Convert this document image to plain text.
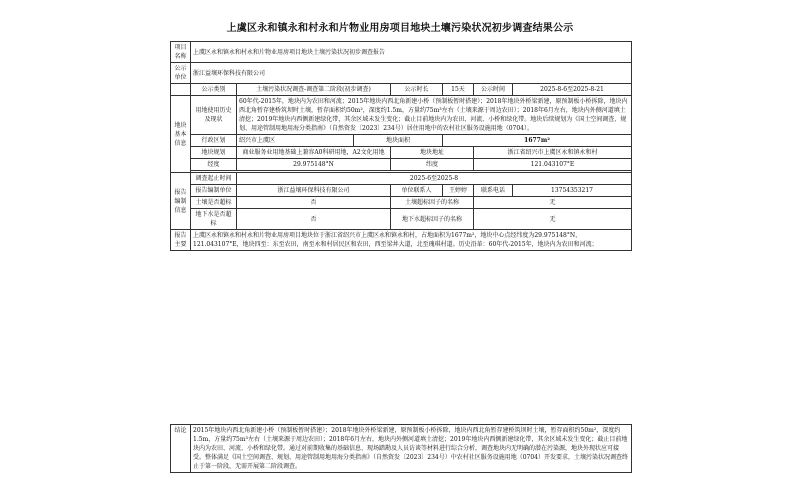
上虞区永和镇永和村永和片物业用房项目地块土壤污染状况初步调查结果公示
项目名称	上虞区永和镇永和村永和片物业用房项目地块土壤污染状况初步调查报告						
公示单位	浙江益壤环保科技有限公司						
	公示类别	土壤污染状况调查-调查第二阶段(初步调查)		公示时长	15天	公示时间	2025-8-6至2025-8-21
地块基本信息	用地使用历史及现状	60年代-2015年，地块内为农田和河流；2015年地块内西北角新建小桥（预制板暂时搭建）；2018年地块外桥梁新建，原预制板小桥拆除，地块内西北角暂存建桥筑坝时土壤，暂存面积约50m²，深度约1.5m，方量约75m³左右（土壤来源于周边农田）；2018年6月左右，地块内外侧河道填土清挖；2019年地块内西侧新建绿化带，其余区域未发生变化；截止目前地块内为农田、河流、小桥和绿化带。地块后续规划为《国土空间调查、规划、用途管制用地用海分类指南》（自然资发〔2023〕234号）居住用地中的农村社区服务设施用地（0704）。					
	行政区划	绍兴市上虞区	地块面积		1677m²		
	地块规划	商业服务业用地基础上兼容A0科研用地，A2文化用地		地块地址		浙江省绍兴市上虞区永和镇永和村	
	经度	29.975148°N		纬度		121.043107°E	

报告编制信息	调查起止时间	2025-6至2025-8					
	报告编制单位	浙江益壤环保科技有限公司		单位联系人	王婷婷	联系电话	13754353217
	土壤是否超标	否		土壤超标因子的名称		无	
	地下水是否超标	否		地下水超标因子的名称		无	
报告主要	上虞区永和镇永和村永和片物业用房项目地块位于浙江省绍兴市上虞区永和镇永和村，占地面积为1677m²，地块中心点经纬度为29.975148°N、121.043107°E，地块四至：东至农田，南至永和村居民区和农田，西至梁丼大道，北至瑰琪村道。历史沿革：60年代-2015年，地块内为农田和河流；						
结论	2015年地块内西北角新建小桥（预制板暂时搭建）；2018年地块外桥梁新建，原预制板小桥拆除，地块内西北角暂存建桥筑坝时土壤，暂存面积约50m²，深度约1.5m，方量约75m³左右（土壤来源于周边农田）；2018年6月左右，地块内外侧河道填土清挖；2019年地块内西侧新建绿化带，其余区域未发生变化；截止目前地块内为农田、河流、小桥和绿化带。通过对前期收集的基础信息、现场踏勘及人员访谈等材料进行综合分析，调查地块内无明确的潜在污染源，地块外现状应可接受。整体满足《国土空间调查、规划、用途管制用地用海分类指南》（自然资发〔2023〕234号）中农村社区服务设施用地（0704）开发要求，土壤污染状况调查终止于第一阶段，无需开展第二阶段调查。
